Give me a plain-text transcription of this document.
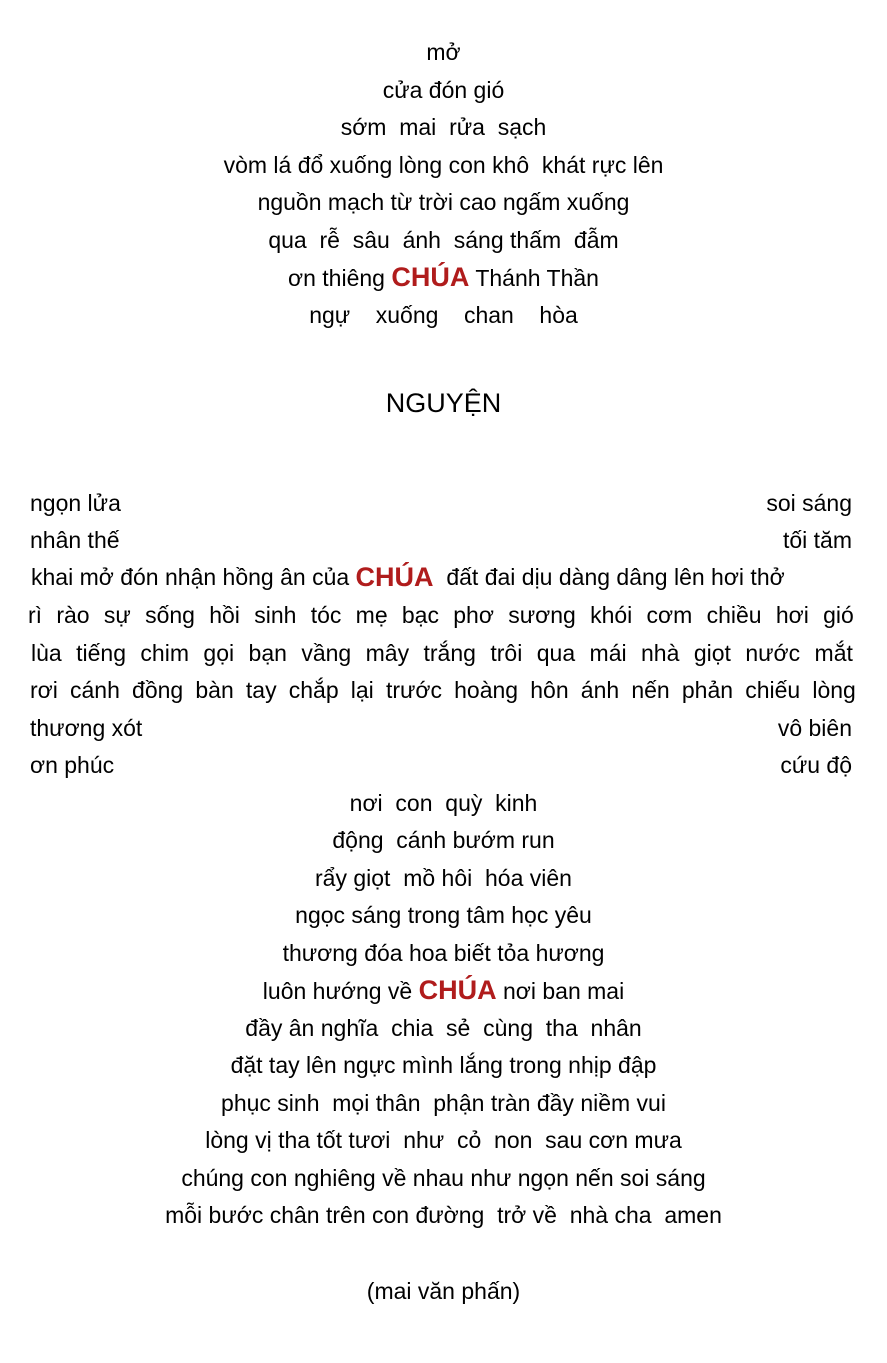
mở
cửa đón gió
sớm  mai  rửa  sạch
vòm lá đổ xuống lòng con khô  khát rực lên
nguồn mạch từ trời cao ngấm xuống
qua  rễ  sâu  ánh  sáng thấm  đẫm
ơn thiêng CHÚA Thánh Thần
ngự    xuống    chan    hòa
NGUYỆN
ngọn lửa	soi sáng
nhân thế	tối tăm
khai mở đón nhận hồng ân của CHÚA đất đai dịu dàng dâng lên hơi thở
rì rào sự sống hồi sinh tóc mẹ bạc phơ sương khói cơm chiều hơi gió
lùa tiếng chim gọi bạn vầng mây trắng trôi qua mái nhà giọt nước mắt
rơi cánh đồng bàn tay chắp lại trước hoàng hôn ánh nến phản chiếu lòng
thương xót	vô biên
ơn phúc	cứu độ
nơi  con  quỳ  kinh
động  cánh bướm run
rẩy giọt  mồ hôi  hóa viên
ngọc sáng trong tâm học yêu
thương đóa hoa biết tỏa hương
luôn hướng về CHÚA nơi ban mai
đầy ân nghĩa  chia  sẻ  cùng  tha  nhân
đặt tay lên ngực mình lắng trong nhịp đập
phục sinh  mọi thân  phận tràn đầy niềm vui
lòng vị tha tốt tươi  như  cỏ  non  sau cơn mưa
chúng con nghiêng về nhau như ngọn nến soi sáng
mỗi bước chân trên con đường  trở về  nhà cha  amen
(mai văn phấn)
